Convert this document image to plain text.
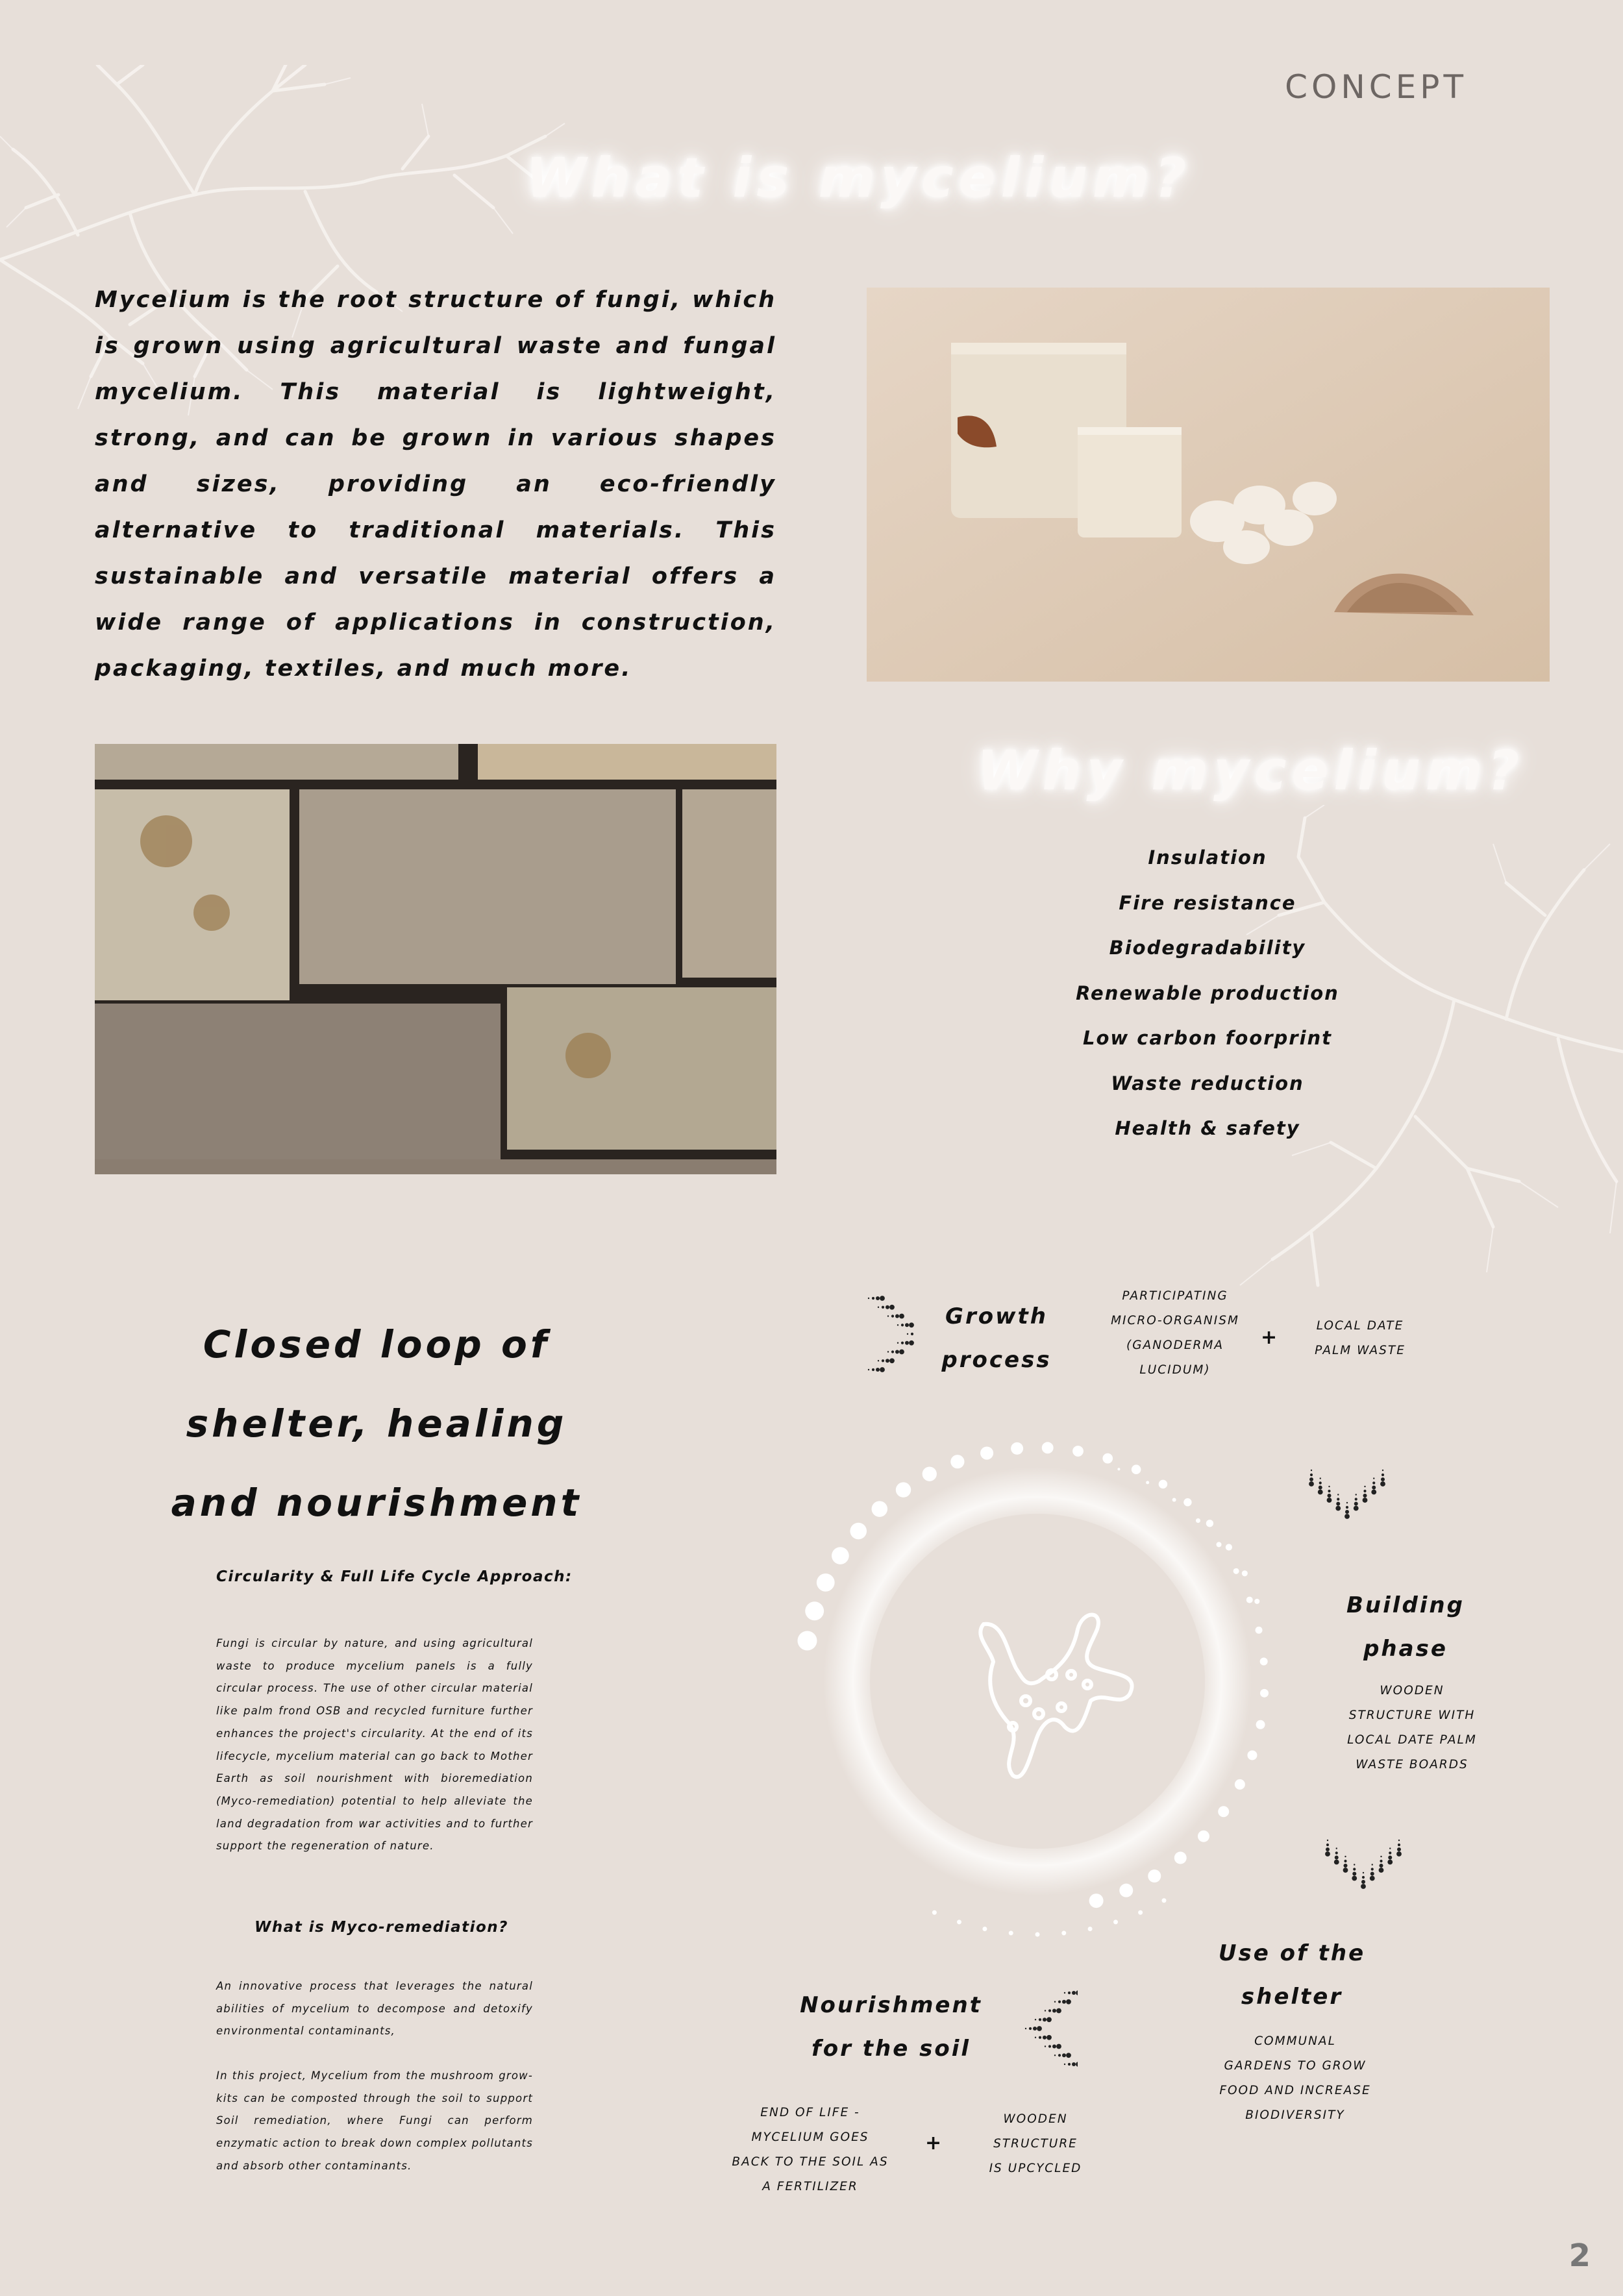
CONCEPT
What is mycelium?
Mycelium is the root structure of fungi, which is grown using agricultural waste and fungal mycelium. This material is lightweight, strong, and can be grown in various shapes and sizes, providing an eco-friendly alternative to traditional materials. This sustainable and versatile material offers a wide range of applications in construction, packaging, textiles, and much more.
Why mycelium?
Insulation
Fire resistance
Biodegradability
Renewable production
Low carbon foorprint
Waste reduction
Health & safety
Closed loop of
shelter, healing
and nourishment
Circularity & Full Life Cycle Approach:
Fungi is circular by nature, and using agricultural waste to produce mycelium panels is a fully circular process. The use of other circular material like palm frond OSB and recycled furniture further enhances the project's circularity. At the end of its lifecycle, mycelium material can go back to Mother Earth as soil nourishment with bioremediation (Myco-remediation) potential to help alleviate the land degradation from war activities and to further support the regeneration of nature.
What is Myco-remediation?
An innovative process that leverages the natural abilities of mycelium to decompose and detoxify environmental contaminants,
In this project, Mycelium from the mushroom grow-kits can be composted through the soil to support Soil remediation, where Fungi can perform enzymatic action to break down complex pollutants and absorb other contaminants.
Growth
process
PARTICIPATING
MICRO-ORGANISM
(GANODERMA
LUCIDUM)
+
LOCAL DATE
PALM WASTE
Building
phase
WOODEN
STRUCTURE WITH
LOCAL DATE PALM
WASTE BOARDS
Use of the
shelter
COMMUNAL
GARDENS TO GROW
FOOD AND INCREASE
BIODIVERSITY
Nourishment
for the soil
END OF LIFE -
MYCELIUM GOES
BACK TO THE SOIL AS
A FERTILIZER
+
WOODEN
STRUCTURE
IS UPCYCLED
2
